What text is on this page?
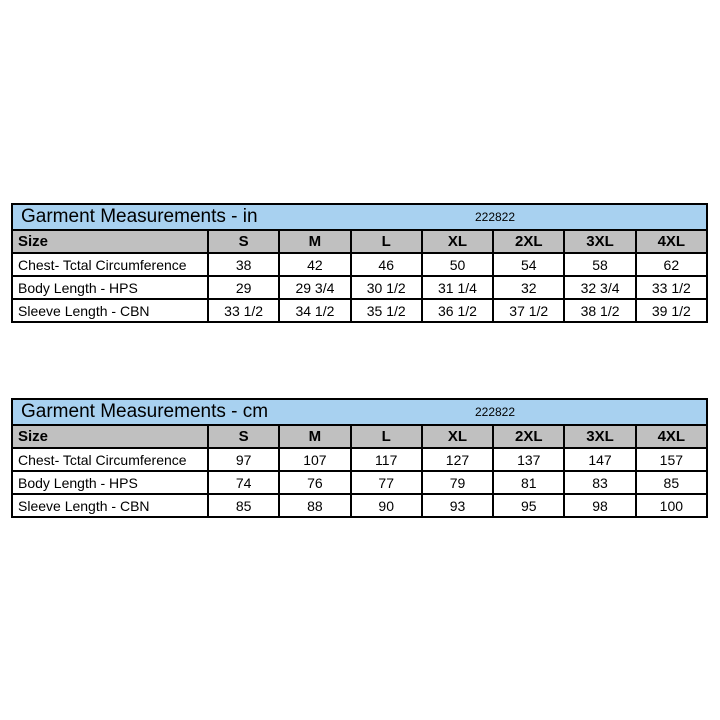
Garment Measurements - in 222822							

Size	S	M	L	XL	2XL	3XL	4XL
Chest- Tctal Circumference	38	42	46	50	54	58	62
Body Length - HPS	29	29 3/4	30 1/2	31 1/4	32	32 3/4	33 1/2
Sleeve Length - CBN	33 1/2	34 1/2	35 1/2	36 1/2	37 1/2	38 1/2	39 1/2
Garment Measurements - cm 222822							

Size	S	M	L	XL	2XL	3XL	4XL
Chest- Tctal Circumference	97	107	117	127	137	147	157
Body Length - HPS	74	76	77	79	81	83	85
Sleeve Length - CBN	85	88	90	93	95	98	100
